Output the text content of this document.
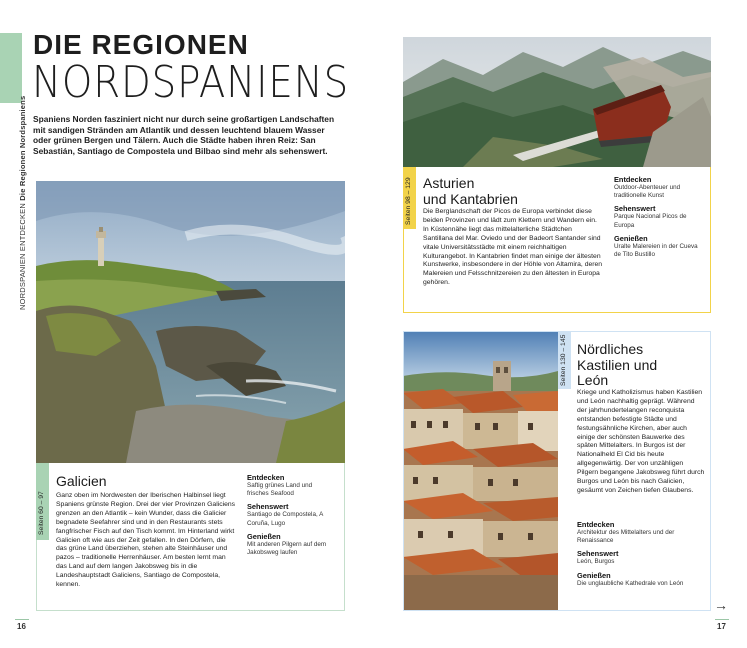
NORDSPANIEN ENTDECKEN Die Regionen Nordspaniens
DIE REGIONEN
NORDSPANIENS
Spaniens Norden fasziniert nicht nur durch seine großartigen Landschaften mit sandigen Stränden am Atlantik und dessen leuchtend blauem Wasser oder grünen Bergen und Tälern. Auch die Städte haben ihren Reiz: San Sebastián, Santiago de Compostela und Bilbao sind mehr als sehenswert.
Seiten 60 – 97
Galicien
Ganz oben im Nordwesten der Iberischen Halbinsel liegt Spaniens grünste Region. Drei der vier Provinzen Galiciens grenzen an den Atlantik – kein Wunder, dass die Galicier begnadete Seefahrer sind und in den Restaurants stets fangfrischer Fisch auf den Tisch kommt. Im Hinterland wirkt Galicien oft wie aus der Zeit gefallen. In den Dörfern, die das grüne Land überziehen, stehen alte Steinhäuser und pazos – traditionelle Herrenhäuser. Am besten lernt man das Land auf dem langen Jakobsweg bis in die Landeshauptstadt Galiciens, Santiago de Compostela, kennen.
Entdecken
Saftig grünes Land und frisches Seafood
Sehenswert
Santiago de Compostela, A Coruña, Lugo
Genießen
Mit anderen Pilgern auf dem Jakobsweg laufen
Seiten 98 – 129 Asturien
und Kantabrien
Die Berglandschaft der Picos de Europa verbindet diese beiden Provinzen und lädt zum Klettern und Wandern ein. In Küstennähe liegt das mittelalterliche Städtchen Santillana del Mar. Oviedo und der Badeort Santander sind vitale Universitätsstädte mit einem reichhaltigen Kulturangebot. In Kantabrien findet man einige der ältesten Kunstwerke, insbesondere in der Höhle von Altamira, deren Malereien und Felsschnitzereien zu den ältesten in Europa gehören.
Entdecken
Outdoor-Abenteuer und traditionelle Kunst
Sehenswert
Parque Nacional Picos de Europa
Genießen
Uralte Malereien in der Cueva de Tito Bustillo
Seiten 130 – 145 Nördliches
Kastilien und
León
Kriege und Katholizismus haben Kastilien und León nachhaltig geprägt. Während der jahrhundertelangen reconquista entstanden befestigte Städte und festungsähnliche Kirchen, aber auch einige der schönsten Bauwerke des späten Mittelalters. In Burgos ist der Nationalheld El Cid bis heute allgegenwärtig. Der von unzähligen Pilgern begangene Jakobsweg führt durch Burgos und León bis nach Galicien, gesäumt von Zeichen tiefen Glaubens.
Entdecken
Architektur des Mittelalters und der Renaissance
Sehenswert
León, Burgos
Genießen
Die unglaubliche Kathedrale von León
16	17
→
